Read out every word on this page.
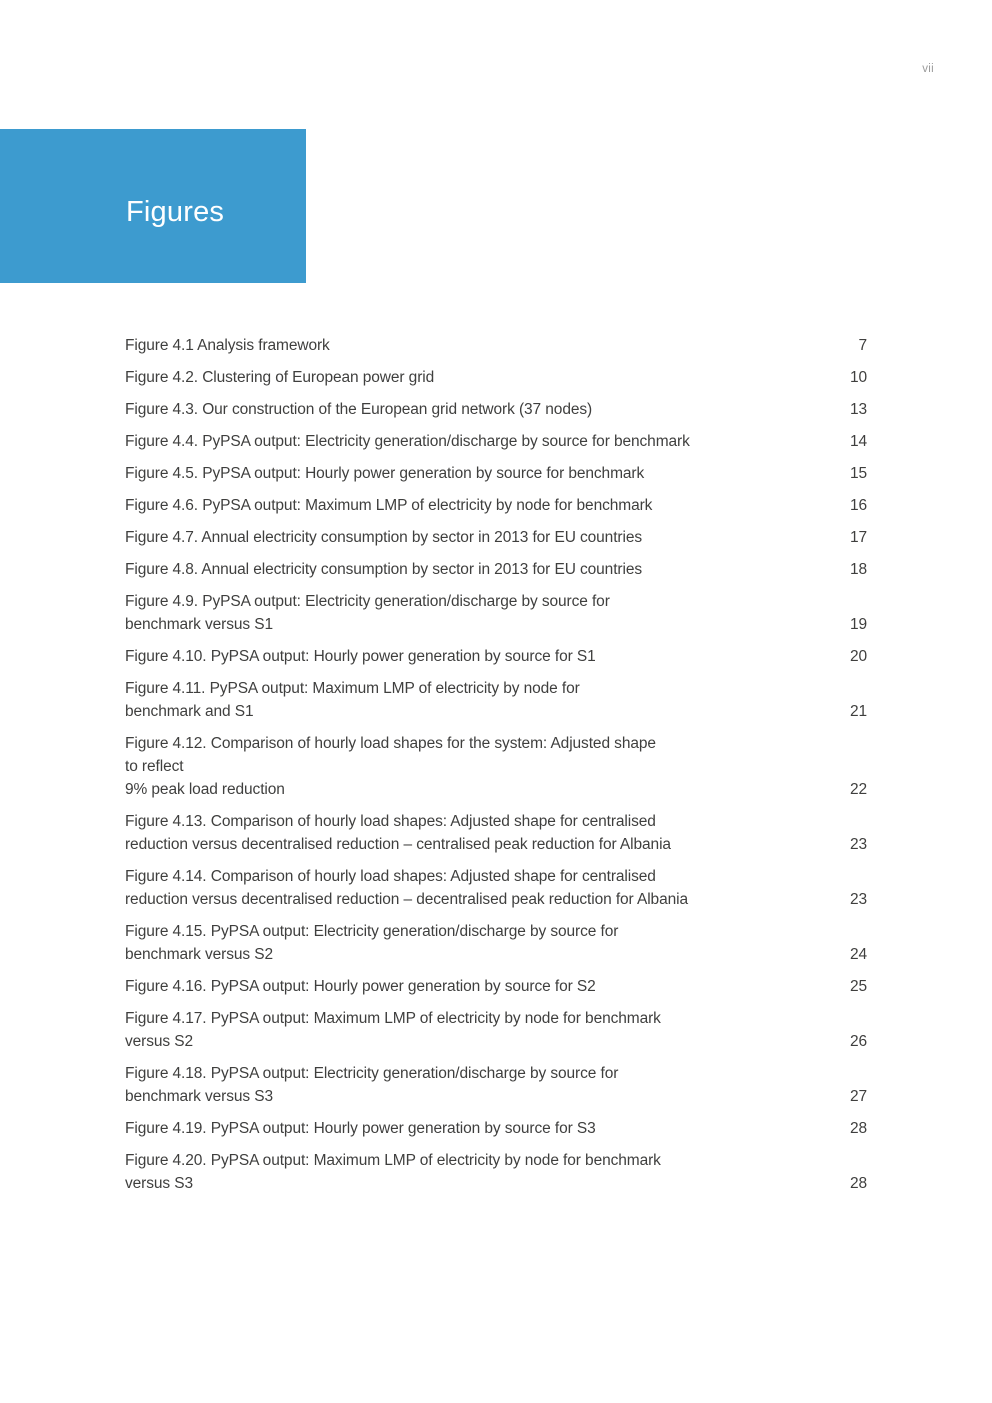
vii
Figures
Figure 4.1 Analysis framework	7
Figure 4.2. Clustering of European power grid	10
Figure 4.3. Our construction of the European grid network (37 nodes)	13
Figure 4.4. PyPSA output: Electricity generation/discharge by source for benchmark	14
Figure 4.5. PyPSA output: Hourly power generation by source for benchmark	15
Figure 4.6. PyPSA output: Maximum LMP of electricity by node for benchmark	16
Figure 4.7. Annual electricity consumption by sector in 2013 for EU countries	17
Figure 4.8. Annual electricity consumption by sector in 2013 for EU countries	18
Figure 4.9. PyPSA output: Electricity generation/discharge by source for
benchmark versus S1	19
Figure 4.10. PyPSA output: Hourly power generation by source for S1	20
Figure 4.11. PyPSA output: Maximum LMP of electricity by node for
benchmark and S1	21
Figure 4.12. Comparison of hourly load shapes for the system: Adjusted shape
to reflect
9% peak load reduction	22
Figure 4.13. Comparison of hourly load shapes: Adjusted shape for centralised
reduction versus decentralised reduction – centralised peak reduction for Albania	23
Figure 4.14. Comparison of hourly load shapes: Adjusted shape for centralised
reduction versus decentralised reduction – decentralised peak reduction for Albania	23
Figure 4.15. PyPSA output: Electricity generation/discharge by source for
benchmark versus S2	24
Figure 4.16. PyPSA output: Hourly power generation by source for S2	25
Figure 4.17. PyPSA output: Maximum LMP of electricity by node for benchmark
versus S2	26
Figure 4.18. PyPSA output: Electricity generation/discharge by source for
benchmark versus S3	27
Figure 4.19. PyPSA output: Hourly power generation by source for S3	28
Figure 4.20. PyPSA output: Maximum LMP of electricity by node for benchmark
versus S3	28
